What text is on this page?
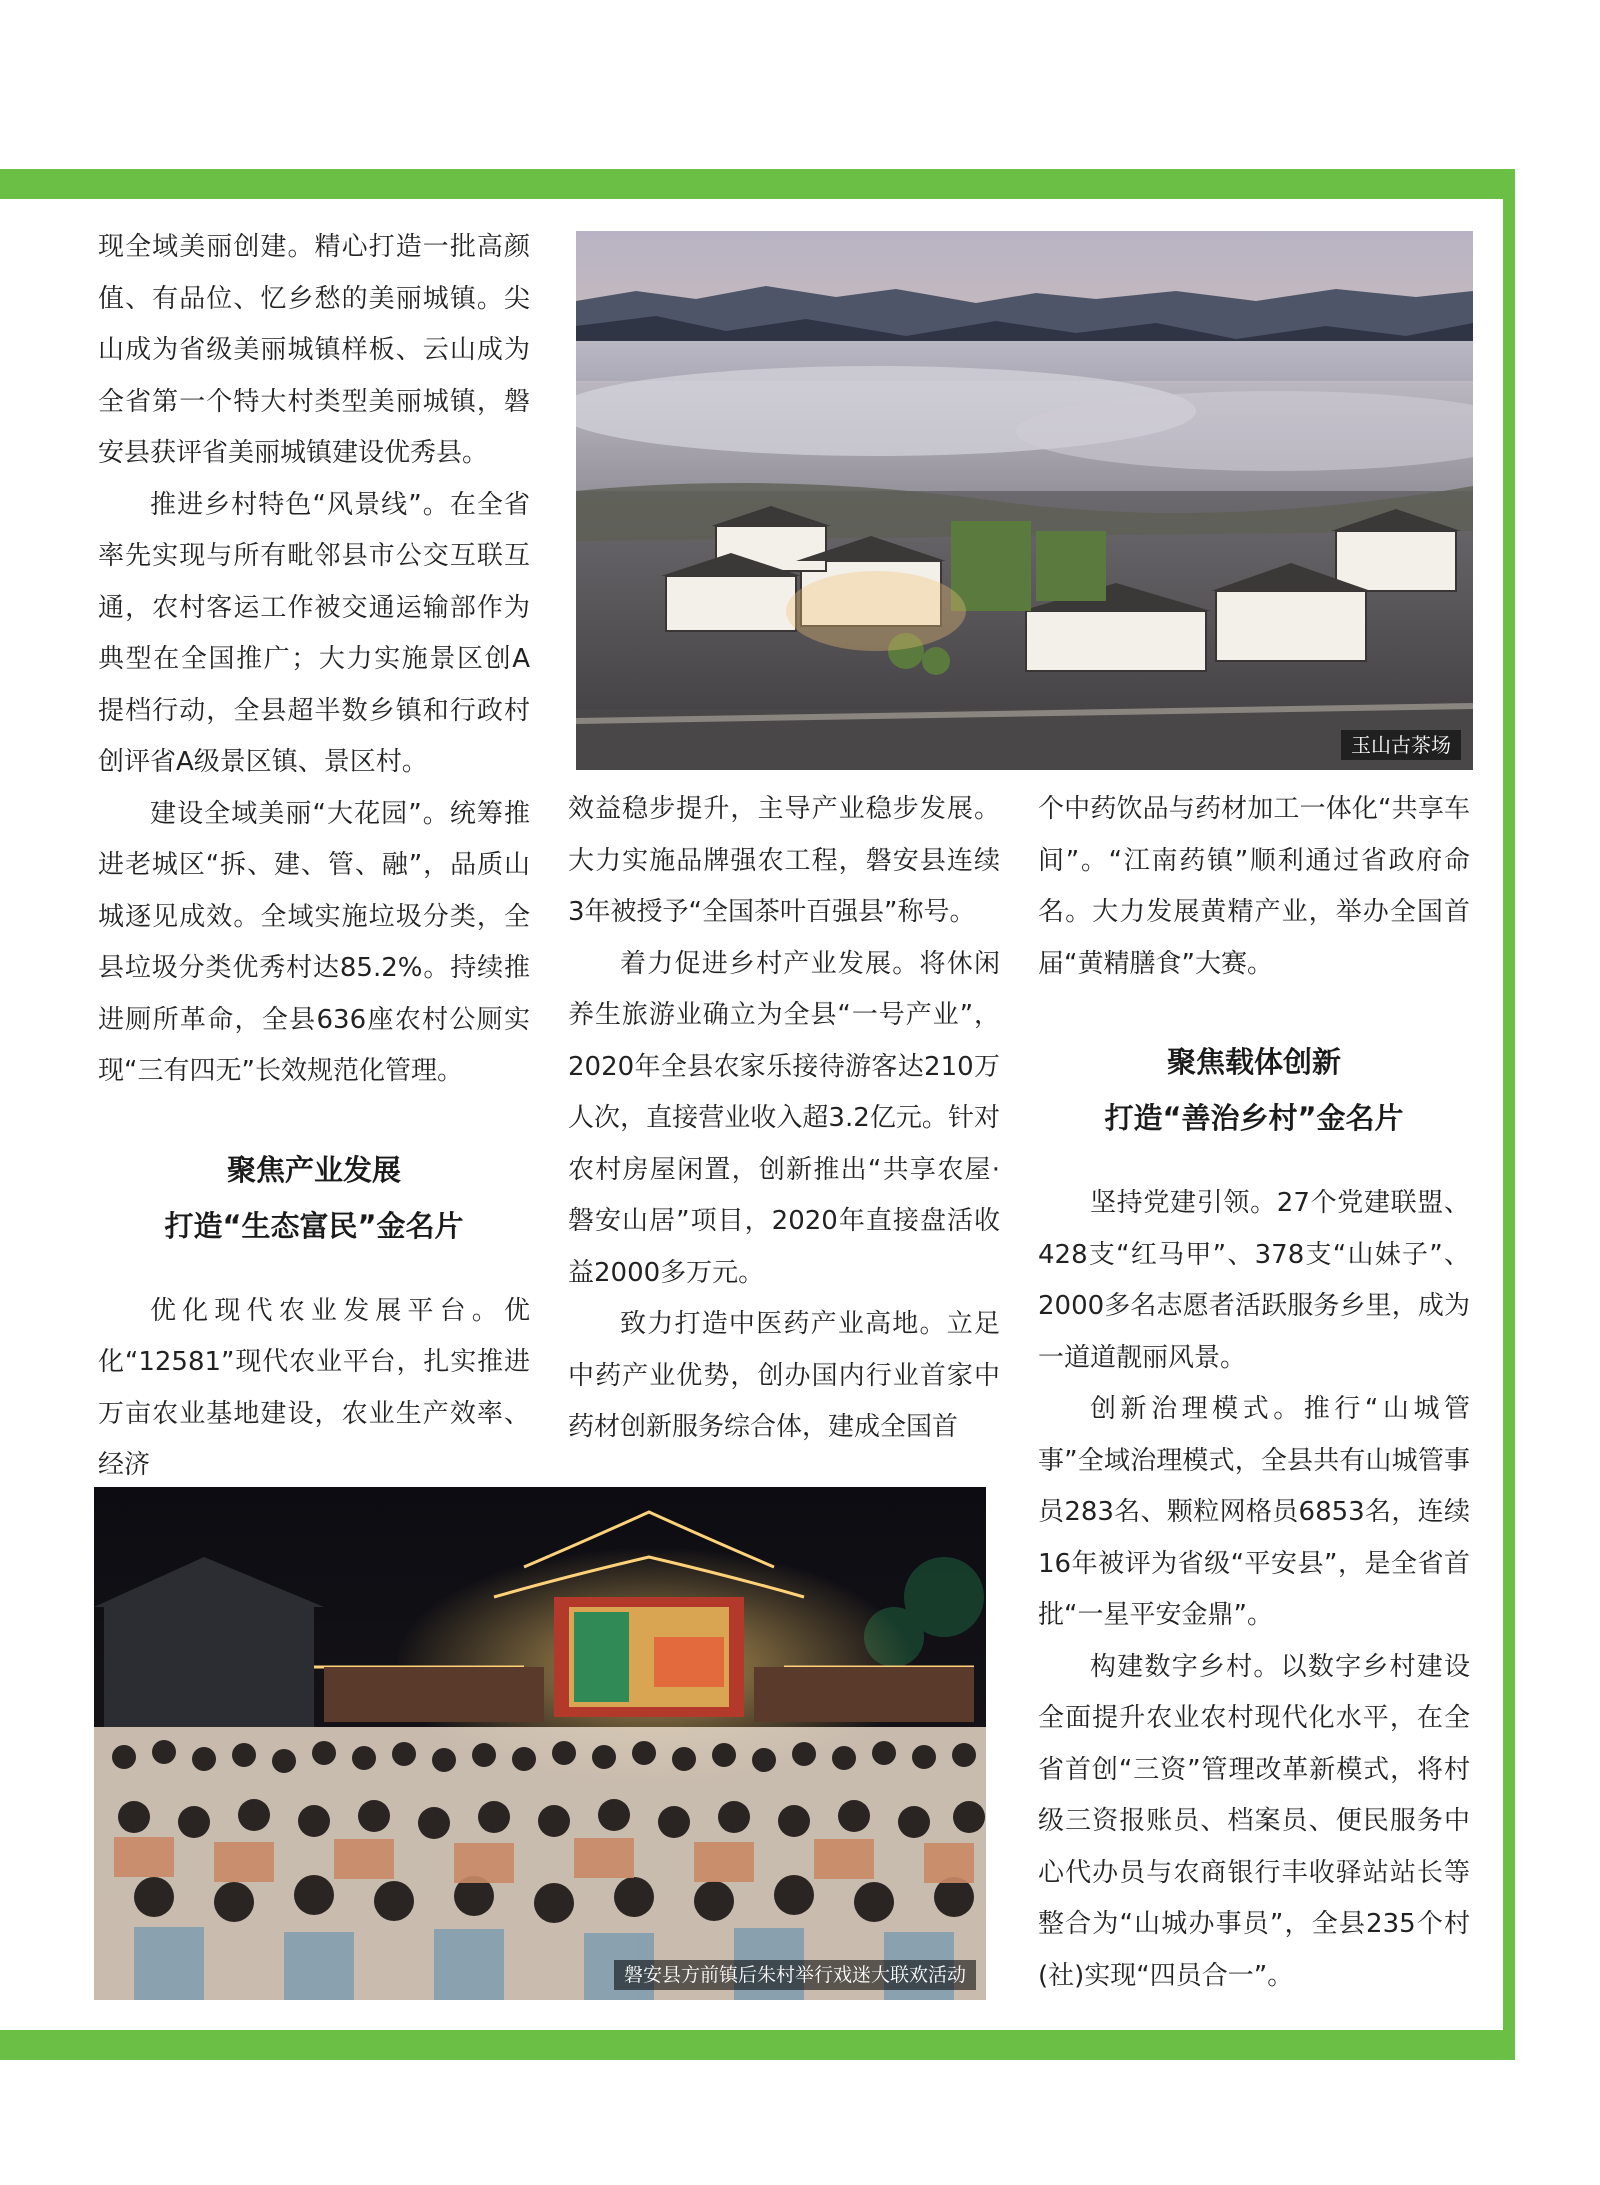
现全域美丽创建。精心打造一批高颜值、有品位、忆乡愁的美丽城镇。尖山成为省级美丽城镇样板、云山成为全省第一个特大村类型美丽城镇，磐安县获评省美丽城镇建设优秀县。

推进乡村特色“风景线”。在全省率先实现与所有毗邻县市公交互联互通，农村客运工作被交通运输部作为典型在全国推广；大力实施景区创A提档行动，全县超半数乡镇和行政村创评省A级景区镇、景区村。

建设全域美丽“大花园”。统筹推进老城区“拆、建、管、融”，品质山城逐见成效。全域实施垃圾分类，全县垃圾分类优秀村达85.2%。持续推进厕所革命，全县636座农村公厕实现“三有四无”长效规范化管理。

聚焦产业发展
打造“生态富民”金名片

优化现代农业发展平台。优化“12581”现代农业平台，扎实推进万亩农业基地建设，农业生产效率、经济

玉山古茶场

效益稳步提升，主导产业稳步发展。大力实施品牌强农工程，磐安县连续3年被授予“全国茶叶百强县”称号。

着力促进乡村产业发展。将休闲养生旅游业确立为全县“一号产业”，2020年全县农家乐接待游客达210万人次，直接营业收入超3.2亿元。针对农村房屋闲置，创新推出“共享农屋·磐安山居”项目，2020年直接盘活收益2000多万元。

致力打造中医药产业高地。立足中药产业优势，创办国内行业首家中药材创新服务综合体，建成全国首

个中药饮品与药材加工一体化“共享车间”。“江南药镇”顺利通过省政府命名。大力发展黄精产业，举办全国首届“黄精膳食”大赛。

聚焦载体创新
打造“善治乡村”金名片

坚持党建引领。27个党建联盟、428支“红马甲”、378支“山妹子”、2000多名志愿者活跃服务乡里，成为一道道靓丽风景。

创新治理模式。推行“山城管事”全域治理模式，全县共有山城管事员283名、颗粒网格员6853名，连续16年被评为省级“平安县”，是全省首批“一星平安金鼎”。

构建数字乡村。以数字乡村建设全面提升农业农村现代化水平，在全省首创“三资”管理改革新模式，将村级三资报账员、档案员、便民服务中心代办员与农商银行丰收驿站站长等整合为“山城办事员”，全县235个村(社)实现“四员合一”。

磐安县方前镇后朱村举行戏迷大联欢活动
